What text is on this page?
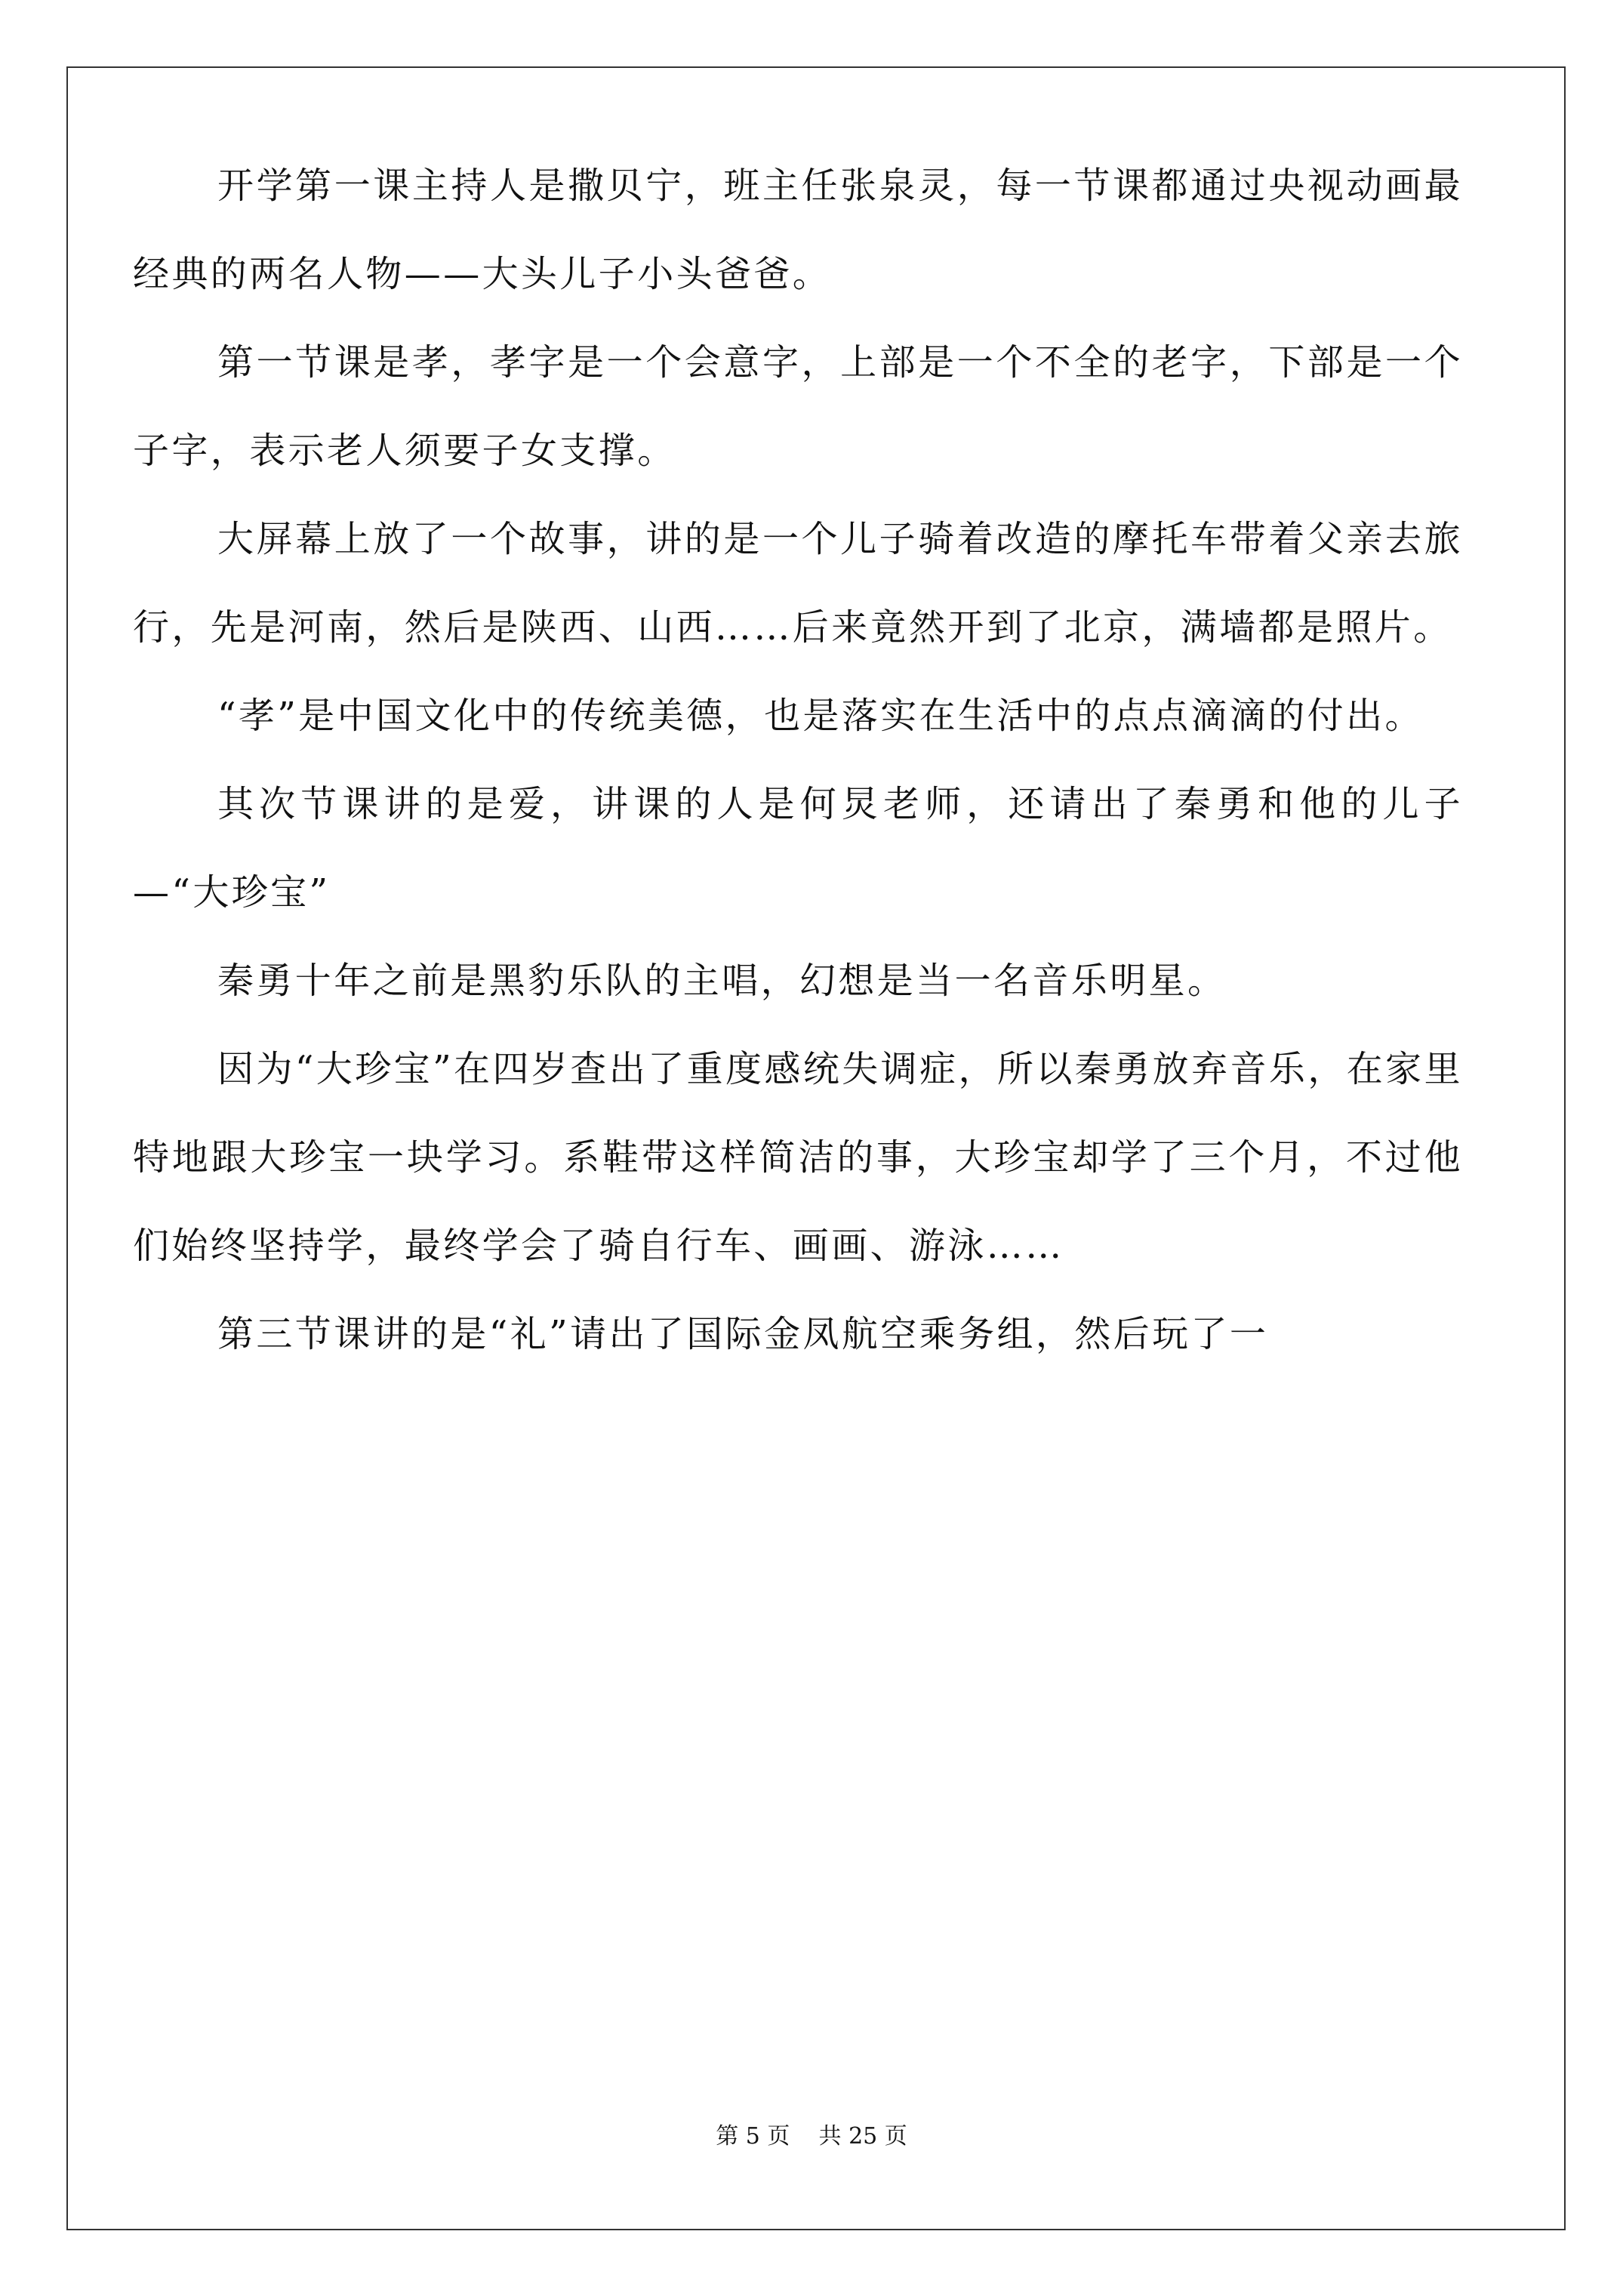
开学第一课主持人是撒贝宁，班主任张泉灵，每一节课都通过央视动画最经典的两名人物——大头儿子小头爸爸。

第一节课是孝，孝字是一个会意字，上部是一个不全的老字，下部是一个子字，表示老人须要子女支撑。

大屏幕上放了一个故事，讲的是一个儿子骑着改造的摩托车带着父亲去旅行，先是河南，然后是陕西、山西……后来竟然开到了北京，满墙都是照片。

“孝”是中国文化中的传统美德，也是落实在生活中的点点滴滴的付出。

其次节课讲的是爱，讲课的人是何炅老师，还请出了秦勇和他的儿子—“大珍宝”

秦勇十年之前是黑豹乐队的主唱，幻想是当一名音乐明星。

因为“大珍宝”在四岁查出了重度感统失调症，所以秦勇放弃音乐，在家里特地跟大珍宝一块学习。系鞋带这样简洁的事，大珍宝却学了三个月，不过他们始终坚持学，最终学会了骑自行车、画画、游泳……

第三节课讲的是“礼”请出了国际金凤航空乘务组，然后玩了一

第 5 页 共 25 页
